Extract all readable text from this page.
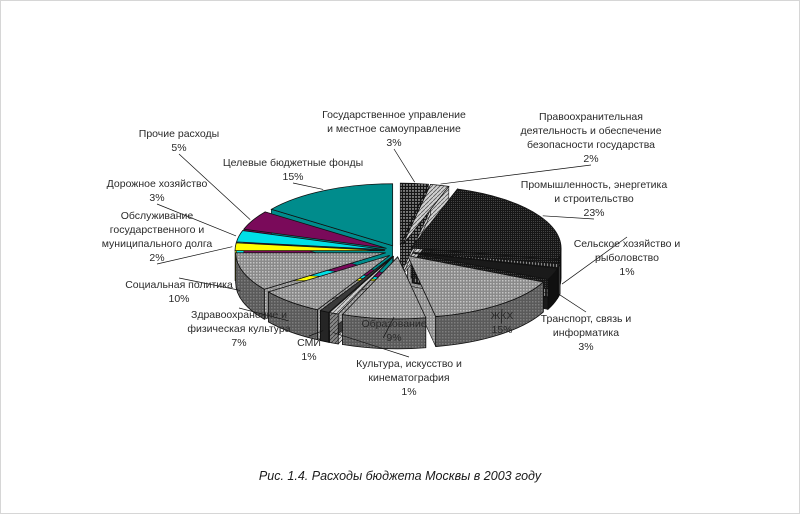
Государственное управление и местное самоуправление 3%
Правоохранительная деятельность и обеспечение безопасности государства 2%
Промышленность, энергетика и строительство 23%
Сельское хозяйство и рыболовство 1%
Транспорт, связь и информатика 3%
ЖКХ 15%
Образование 9%
Культура, искусство и кинематография 1%
СМИ 1%
Здравоохранение и физическая культура 7%
Социальная политика 10%
Обслуживание государственного и муниципального долга 2%
Дорожное хозяйство 3%
Прочие расходы 5%
Целевые бюджетные фонды 15%
Рис. 1.4. Расходы бюджета Москвы в 2003 году
